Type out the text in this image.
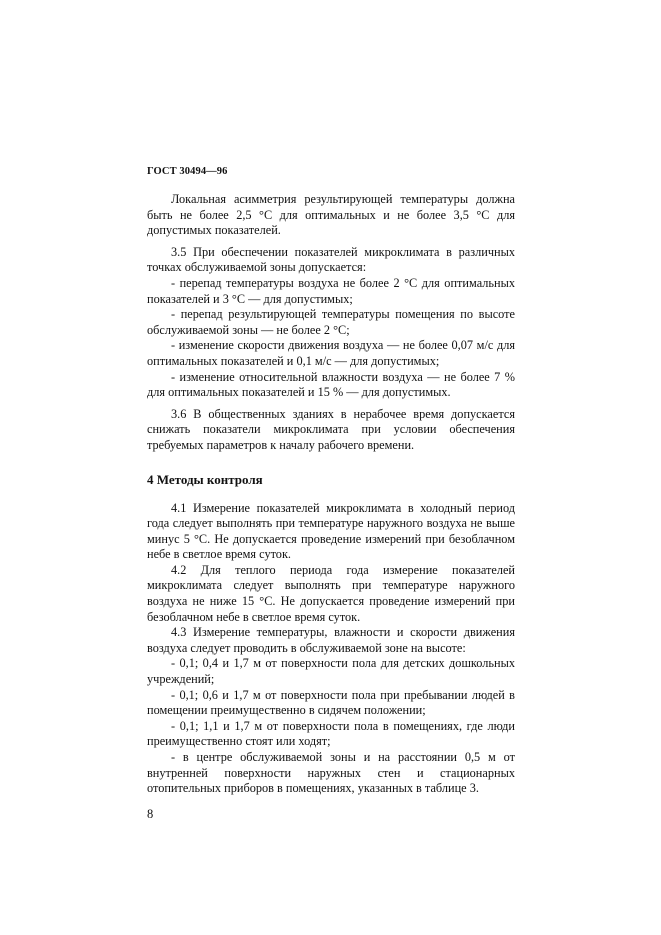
ГОСТ 30494—96

Локальная асимметрия результирующей температуры должна быть не более 2,5 °С для оптимальных и не более 3,5 °С для допустимых показателей.

3.5 При обеспечении показателей микроклимата в различных точках обслуживаемой зоны допускается:

- перепад температуры воздуха не более 2 °С для оптимальных показателей и 3 °С — для допустимых;

- перепад результирующей температуры помещения по высоте обслуживаемой зоны — не более 2 °С;

- изменение скорости движения воздуха — не более 0,07 м/с для оптимальных показателей и 0,1 м/с — для допустимых;

- изменение относительной влажности воздуха — не более 7 % для оптимальных показателей и 15 % — для допустимых.

3.6 В общественных зданиях в нерабочее время допускается снижать показатели микроклимата при условии обеспечения требуемых параметров к началу рабочего времени.

4 Методы контроля

4.1 Измерение показателей микроклимата в холодный период года следует выполнять при температуре наружного воздуха не выше минус 5 °С. Не допускается проведение измерений при безоблачном небе в светлое время суток.

4.2 Для теплого периода года измерение показателей микроклимата следует выполнять при температуре наружного воздуха не ниже 15 °С. Не допускается проведение измерений при безоблачном небе в светлое время суток.

4.3 Измерение температуры, влажности и скорости движения воздуха следует проводить в обслуживаемой зоне на высоте:

- 0,1; 0,4 и 1,7 м от поверхности пола для детских дошкольных учреждений;

- 0,1; 0,6 и 1,7 м от поверхности пола при пребывании людей в помещении преимущественно в сидячем положении;

- 0,1; 1,1 и 1,7 м от поверхности пола в помещениях, где люди преимущественно стоят или ходят;

- в центре обслуживаемой зоны и на расстоянии 0,5 м от внутренней поверхности наружных стен и стационарных отопительных приборов в помещениях, указанных в таблице 3.

8
